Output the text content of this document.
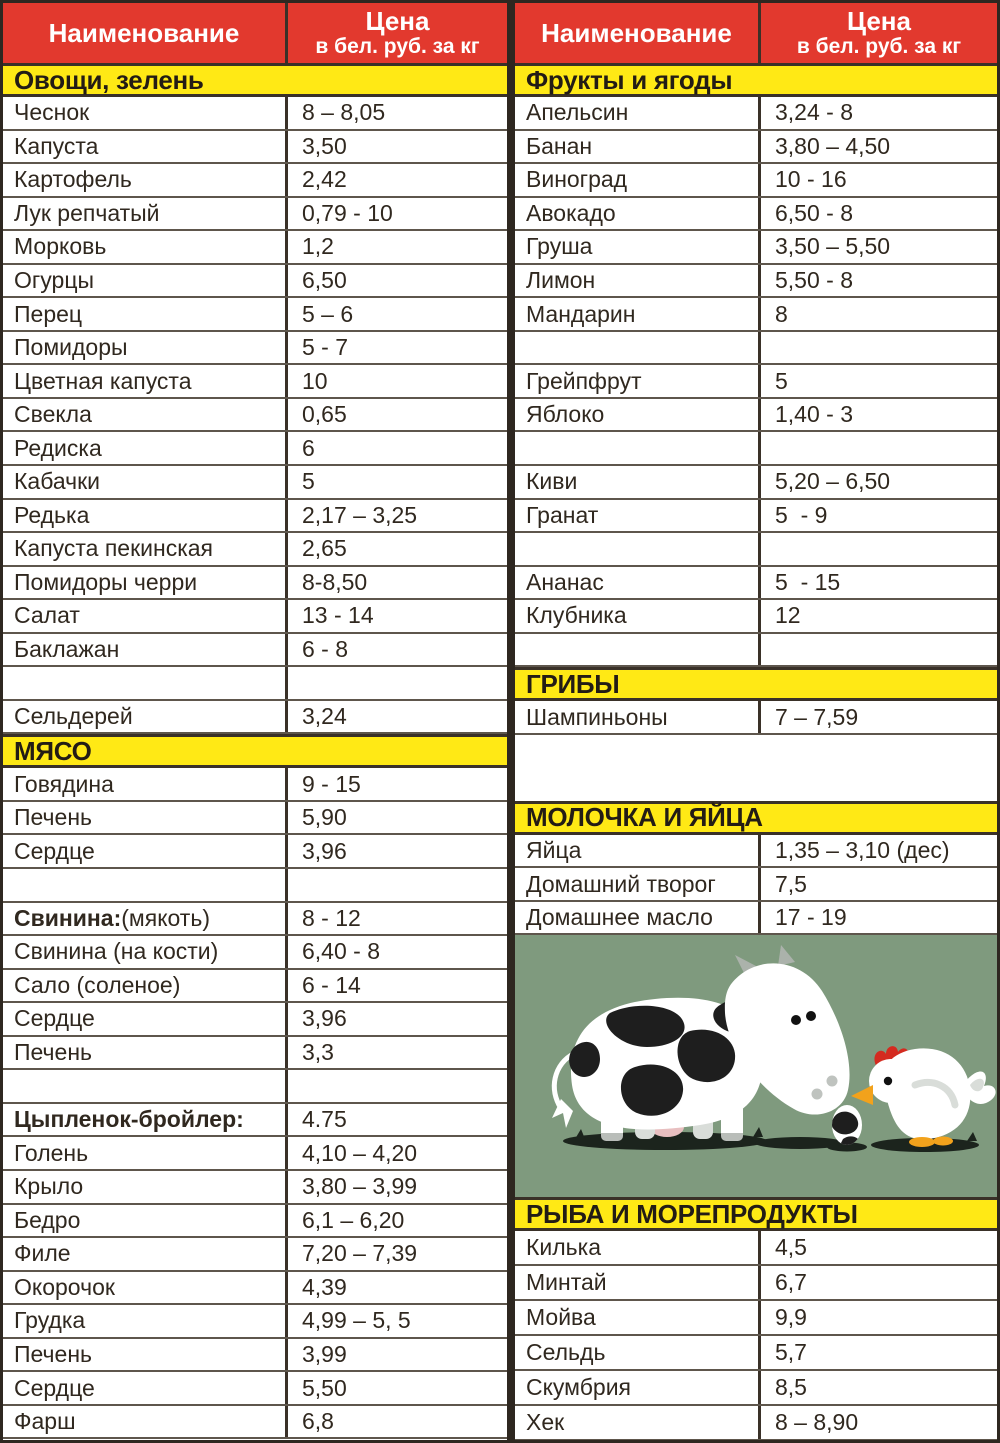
Наименование	Цена
в бел. руб. за кг
Овощи, зелень
Чеснок	8 – 8,05
Капуста	3,50
Картофель	2,42
Лук репчатый	0,79 - 10
Морковь	1,2
Огурцы	6,50
Перец	5 – 6
Помидоры	5 - 7
Цветная капуста	10
Свекла	0,65
Редиска	6
Кабачки	5
Редька	2,17 – 3,25
Капуста пекинская	2,65
Помидоры черри	8-8,50
Салат	13 - 14
Баклажан	6 - 8
Сельдерей	3,24
МЯСО
Говядина	9 - 15
Печень	5,90
Сердце	3,96
Свинина: (мякоть)	8 - 12
Свинина (на кости)	6,40 - 8
Сало (соленое)	6 - 14
Сердце	3,96
Печень	3,3
Цыпленок-бройлер:	4.75
Голень	4,10 – 4,20
Крыло	3,80 – 3,99
Бедро	6,1 – 6,20
Филе	7,20 – 7,39
Окорочок	4,39
Грудка	4,99 – 5, 5
Печень	3,99
Сердце	5,50
Фарш	6,8
Наименование	Цена
в бел. руб. за кг
Фрукты и ягоды
Апельсин	3,24 - 8
Банан	3,80 – 4,50
Виноград	10 - 16
Авокадо	6,50 - 8
Груша	3,50 – 5,50
Лимон	5,50 - 8
Мандарин	8
Грейпфрут	5
Яблоко	1,40 - 3
Киви	5,20 – 6,50
Гранат	5  - 9
Ананас	5  - 15
Клубника	12
ГРИБЫ
Шампиньоны	7 – 7,59
МОЛОЧКА И ЯЙЦА
Яйца	1,35 – 3,10 (дес)
Домашний творог	7,5
Домашнее масло	17 - 19
РЫБА И МОРЕПРОДУКТЫ
Килька	4,5
Минтай	6,7
Мойва	9,9
Сельдь	5,7
Скумбрия	8,5
Хек	8 – 8,90
